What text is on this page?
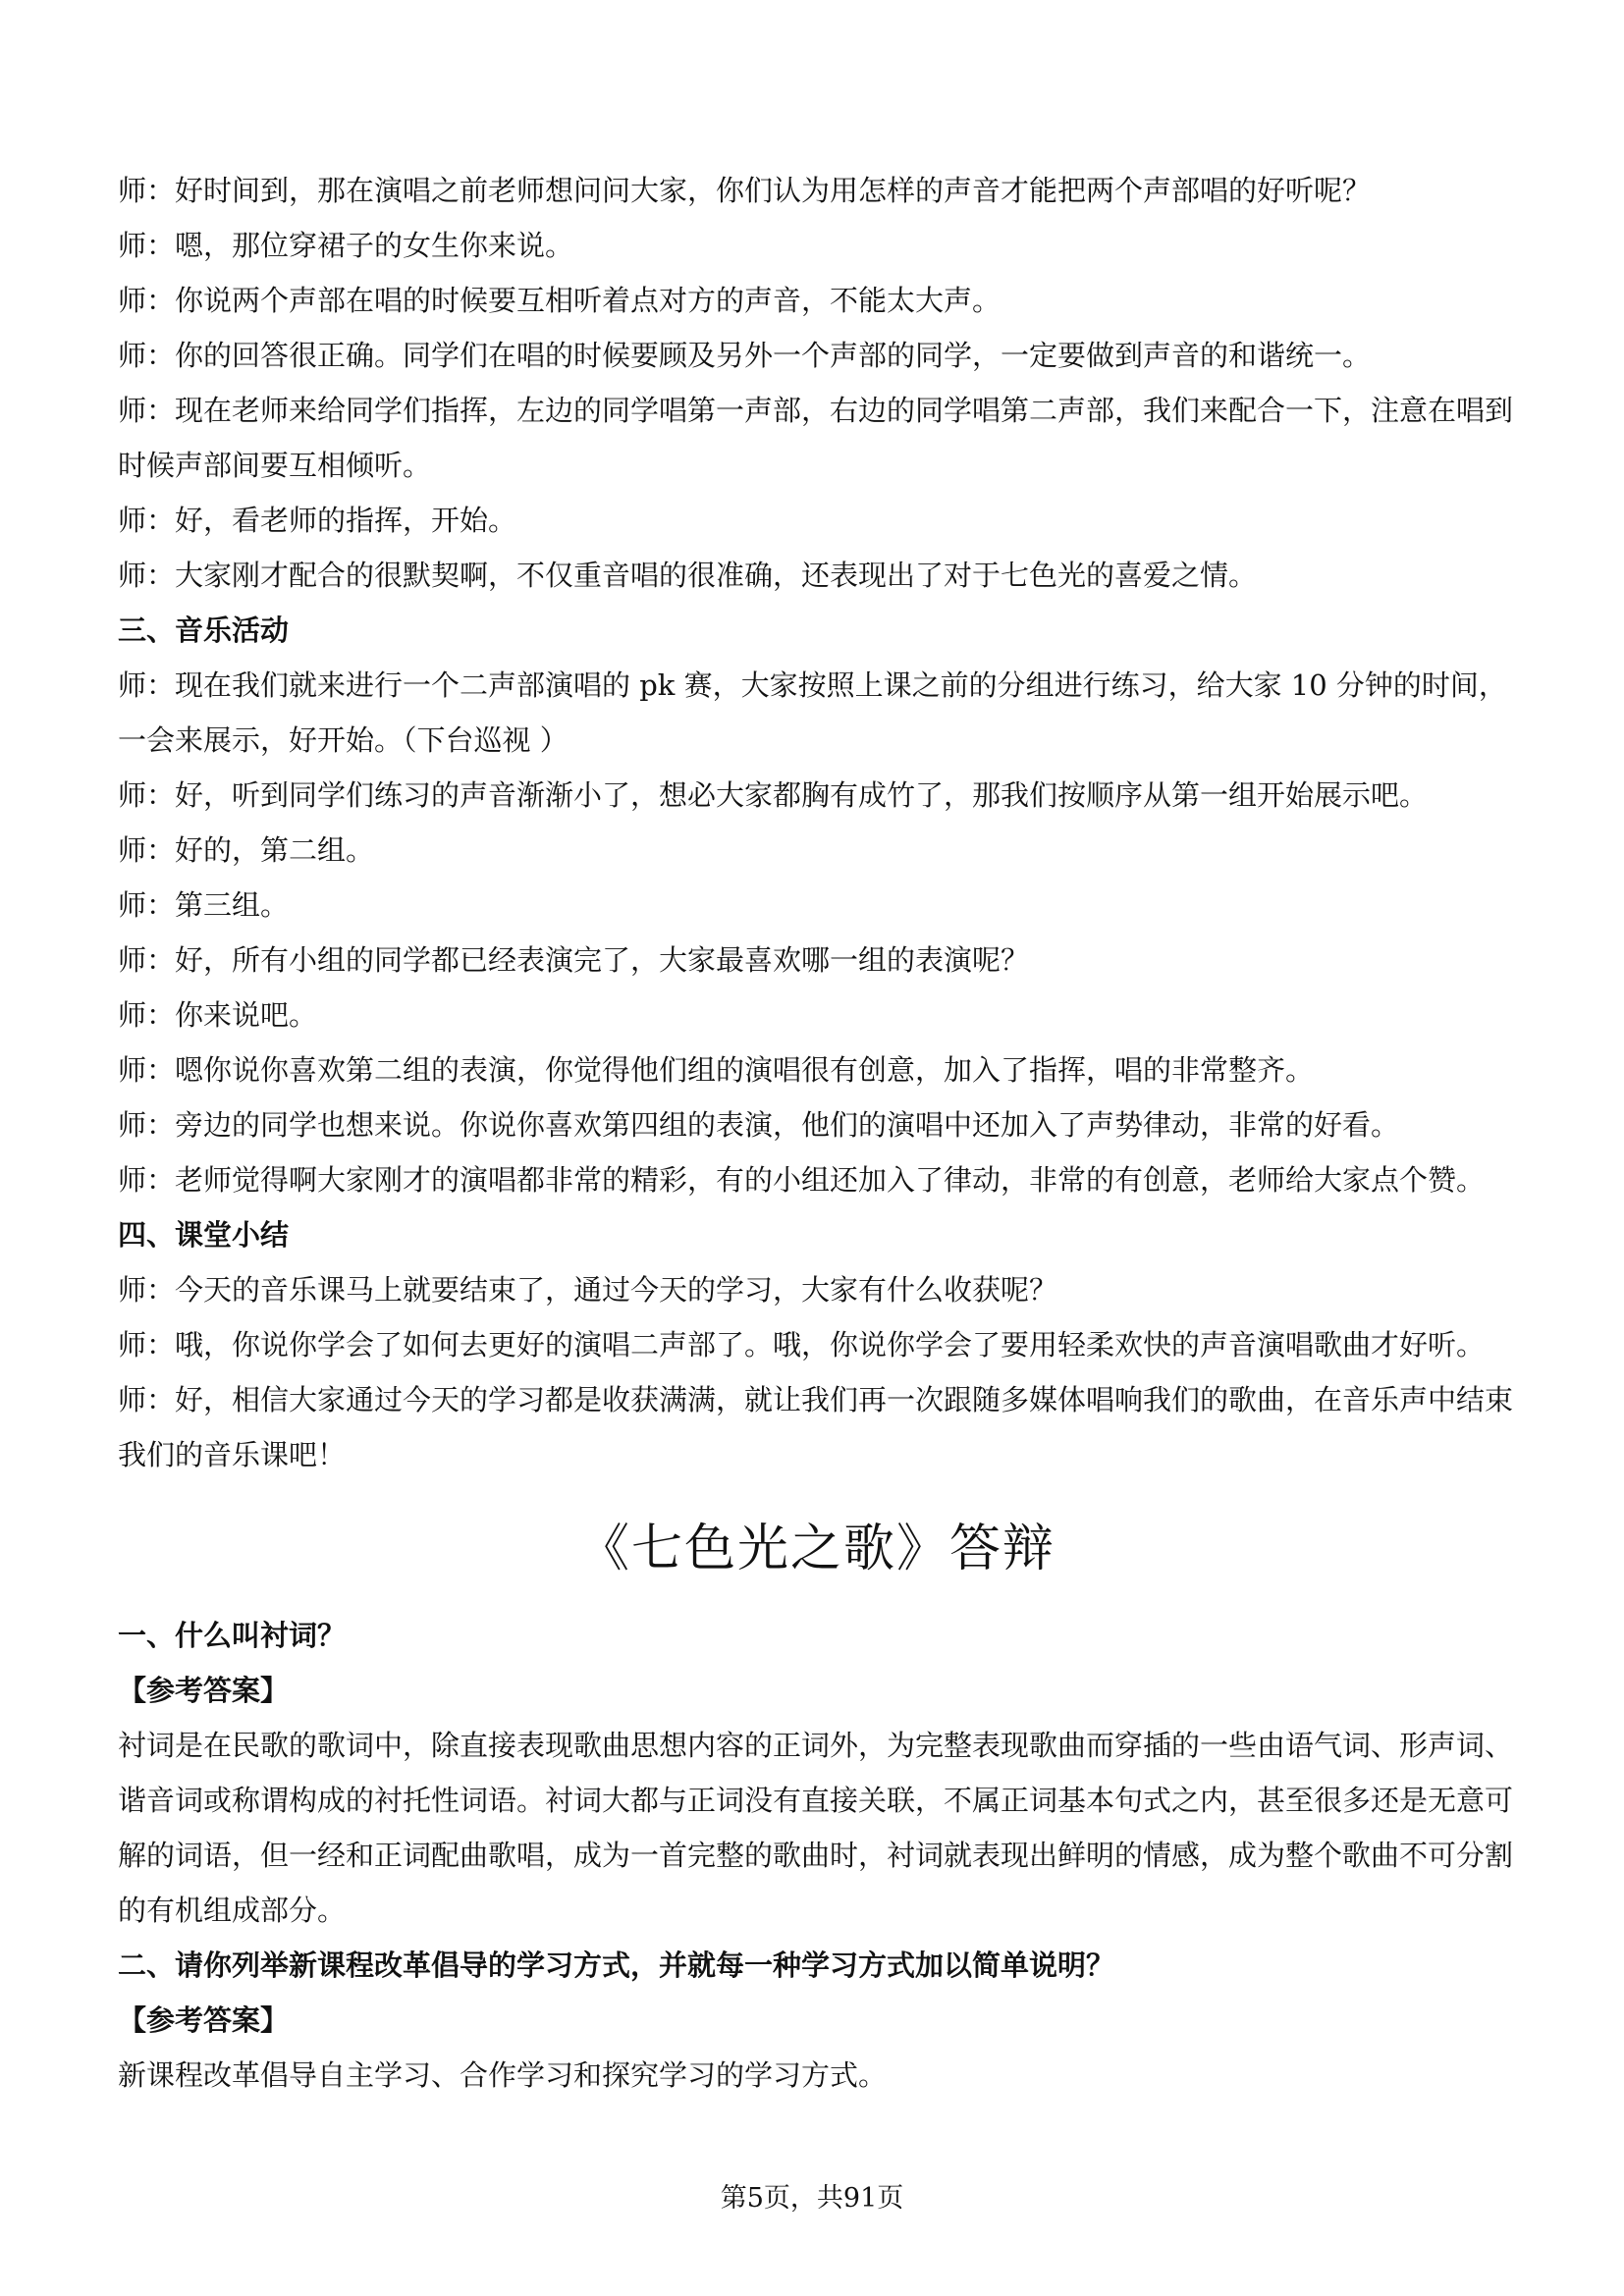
师：好时间到，那在演唱之前老师想问问大家，你们认为用怎样的声音才能把两个声部唱的好听呢？

师：嗯，那位穿裙子的女生你来说。

师：你说两个声部在唱的时候要互相听着点对方的声音，不能太大声。

师：你的回答很正确。同学们在唱的时候要顾及另外一个声部的同学，一定要做到声音的和谐统一。

师：现在老师来给同学们指挥，左边的同学唱第一声部，右边的同学唱第二声部，我们来配合一下，注意在唱到时候声部间要互相倾听。

师：好，看老师的指挥，开始。

师：大家刚才配合的很默契啊，不仅重音唱的很准确，还表现出了对于七色光的喜爱之情。

三、音乐活动

师：现在我们就来进行一个二声部演唱的 pk 赛，大家按照上课之前的分组进行练习，给大家 10 分钟的时间，一会来展示，好开始。（下台巡视 ）

师：好，听到同学们练习的声音渐渐小了，想必大家都胸有成竹了，那我们按顺序从第一组开始展示吧。

师：好的，第二组。

师：第三组。

师：好，所有小组的同学都已经表演完了，大家最喜欢哪一组的表演呢？

师：你来说吧。

师：嗯你说你喜欢第二组的表演，你觉得他们组的演唱很有创意，加入了指挥，唱的非常整齐。

师：旁边的同学也想来说。你说你喜欢第四组的表演，他们的演唱中还加入了声势律动，非常的好看。

师：老师觉得啊大家刚才的演唱都非常的精彩，有的小组还加入了律动，非常的有创意，老师给大家点个赞。

四、课堂小结

师：今天的音乐课马上就要结束了，通过今天的学习，大家有什么收获呢？

师：哦，你说你学会了如何去更好的演唱二声部了。哦，你说你学会了要用轻柔欢快的声音演唱歌曲才好听。

师：好，相信大家通过今天的学习都是收获满满，就让我们再一次跟随多媒体唱响我们的歌曲，在音乐声中结束我们的音乐课吧！

《七色光之歌》答辩

一、什么叫衬词？

【参考答案】

衬词是在民歌的歌词中，除直接表现歌曲思想内容的正词外，为完整表现歌曲而穿插的一些由语气词、形声词、谐音词或称谓构成的衬托性词语。衬词大都与正词没有直接关联，不属正词基本句式之内，甚至很多还是无意可解的词语，但一经和正词配曲歌唱，成为一首完整的歌曲时，衬词就表现出鲜明的情感，成为整个歌曲不可分割的有机组成部分。

二、请你列举新课程改革倡导的学习方式，并就每一种学习方式加以简单说明？

【参考答案】

新课程改革倡导自主学习、合作学习和探究学习的学习方式。

第5页，共91页
